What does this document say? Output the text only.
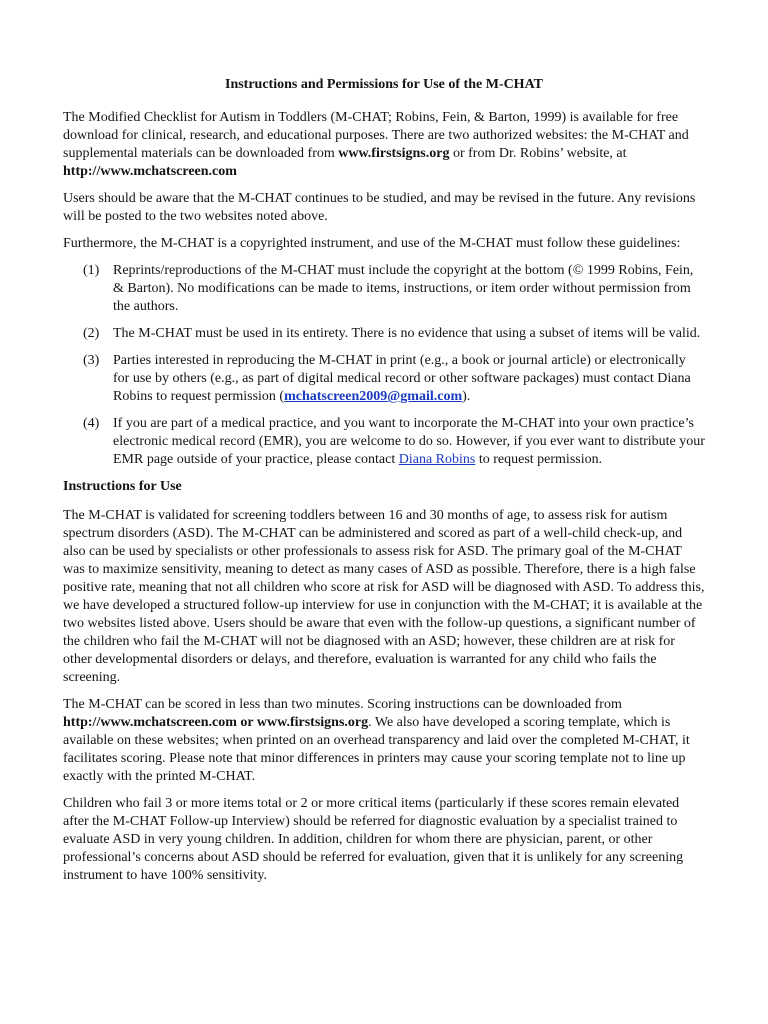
Instructions and Permissions for Use of the M-CHAT

The Modified Checklist for Autism in Toddlers (M-CHAT; Robins, Fein, & Barton, 1999) is available for free download for clinical, research, and educational purposes. There are two authorized websites: the M-CHAT and supplemental materials can be downloaded from www.firstsigns.org or from Dr. Robins’ website, at http://www.mchatscreen.com

Users should be aware that the M-CHAT continues to be studied, and may be revised in the future. Any revisions will be posted to the two websites noted above.

Furthermore, the M-CHAT is a copyrighted instrument, and use of the M-CHAT must follow these guidelines:

(1) Reprints/reproductions of the M-CHAT must include the copyright at the bottom (© 1999 Robins, Fein, & Barton). No modifications can be made to items, instructions, or item order without permission from the authors.
(2) The M-CHAT must be used in its entirety. There is no evidence that using a subset of items will be valid.
(3) Parties interested in reproducing the M-CHAT in print (e.g., a book or journal article) or electronically for use by others (e.g., as part of digital medical record or other software packages) must contact Diana Robins to request permission (mchatscreen2009@gmail.com).
(4) If you are part of a medical practice, and you want to incorporate the M-CHAT into your own practice’s electronic medical record (EMR), you are welcome to do so. However, if you ever want to distribute your EMR page outside of your practice, please contact Diana Robins to request permission.
Instructions for Use

The M-CHAT is validated for screening toddlers between 16 and 30 months of age, to assess risk for autism spectrum disorders (ASD). The M-CHAT can be administered and scored as part of a well-child check-up, and also can be used by specialists or other professionals to assess risk for ASD. The primary goal of the M-CHAT was to maximize sensitivity, meaning to detect as many cases of ASD as possible. Therefore, there is a high false positive rate, meaning that not all children who score at risk for ASD will be diagnosed with ASD. To address this, we have developed a structured follow-up interview for use in conjunction with the M-CHAT; it is available at the two websites listed above. Users should be aware that even with the follow-up questions, a significant number of the children who fail the M-CHAT will not be diagnosed with an ASD; however, these children are at risk for other developmental disorders or delays, and therefore, evaluation is warranted for any child who fails the screening.

The M-CHAT can be scored in less than two minutes. Scoring instructions can be downloaded from http://www.mchatscreen.com or www.firstsigns.org. We also have developed a scoring template, which is available on these websites; when printed on an overhead transparency and laid over the completed M-CHAT, it facilitates scoring. Please note that minor differences in printers may cause your scoring template not to line up exactly with the printed M-CHAT.

Children who fail 3 or more items total or 2 or more critical items (particularly if these scores remain elevated after the M-CHAT Follow-up Interview) should be referred for diagnostic evaluation by a specialist trained to evaluate ASD in very young children. In addition, children for whom there are physician, parent, or other professional’s concerns about ASD should be referred for evaluation, given that it is unlikely for any screening instrument to have 100% sensitivity.
